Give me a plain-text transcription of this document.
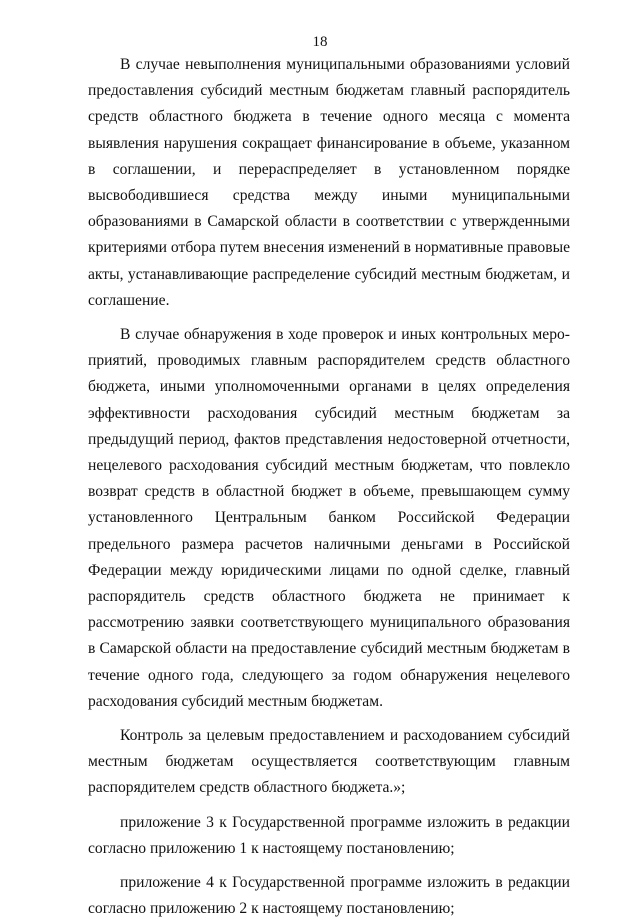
18

В случае невыполнения муниципальными образованиями условий предоставления субсидий местным бюджетам главный распорядитель средств областного бюджета в течение одного месяца с момента выявления нарушения сокращает финансирование в объеме, указанном в соглашении, и перераспределяет в установленном порядке высвободившиеся средства между иными муниципальными образованиями в Самарской области в соответствии с утвержденными критериями отбора путем внесения изменений в нормативные правовые акты, устанавливающие распределение субсидий местным бюджетам, и соглашение.

В случае обнаружения в ходе проверок и иных контрольных мероприятий, проводимых главным распорядителем средств областного бюджета, иными уполномоченными органами в целях определения эффективности расходования субсидий местным бюджетам за предыдущий период, фактов представления недостоверной отчетности, нецелевого расходования субсидий местным бюджетам, что повлекло возврат средств в областной бюджет в объеме, превышающем сумму установленного Центральным банком Российской Федерации предельного размера расчетов наличными деньгами в Российской Федерации между юридическими лицами по одной сделке, главный распорядитель средств областного бюджета не принимает к рассмотрению заявки соответствующего муниципального образования в Самарской области на предоставление субсидий местным бюджетам в течение одного года, следующего за годом обнаружения нецелевого расходования субсидий местным бюджетам.

Контроль за целевым предоставлением и расходованием субсидий местным бюджетам осуществляется соответствующим главным распорядителем средств областного бюджета.»;

приложение 3 к Государственной программе изложить в редакции согласно приложению 1 к настоящему постановлению;

приложение 4 к Государственной программе изложить в редакции согласно приложению 2 к настоящему постановлению;
